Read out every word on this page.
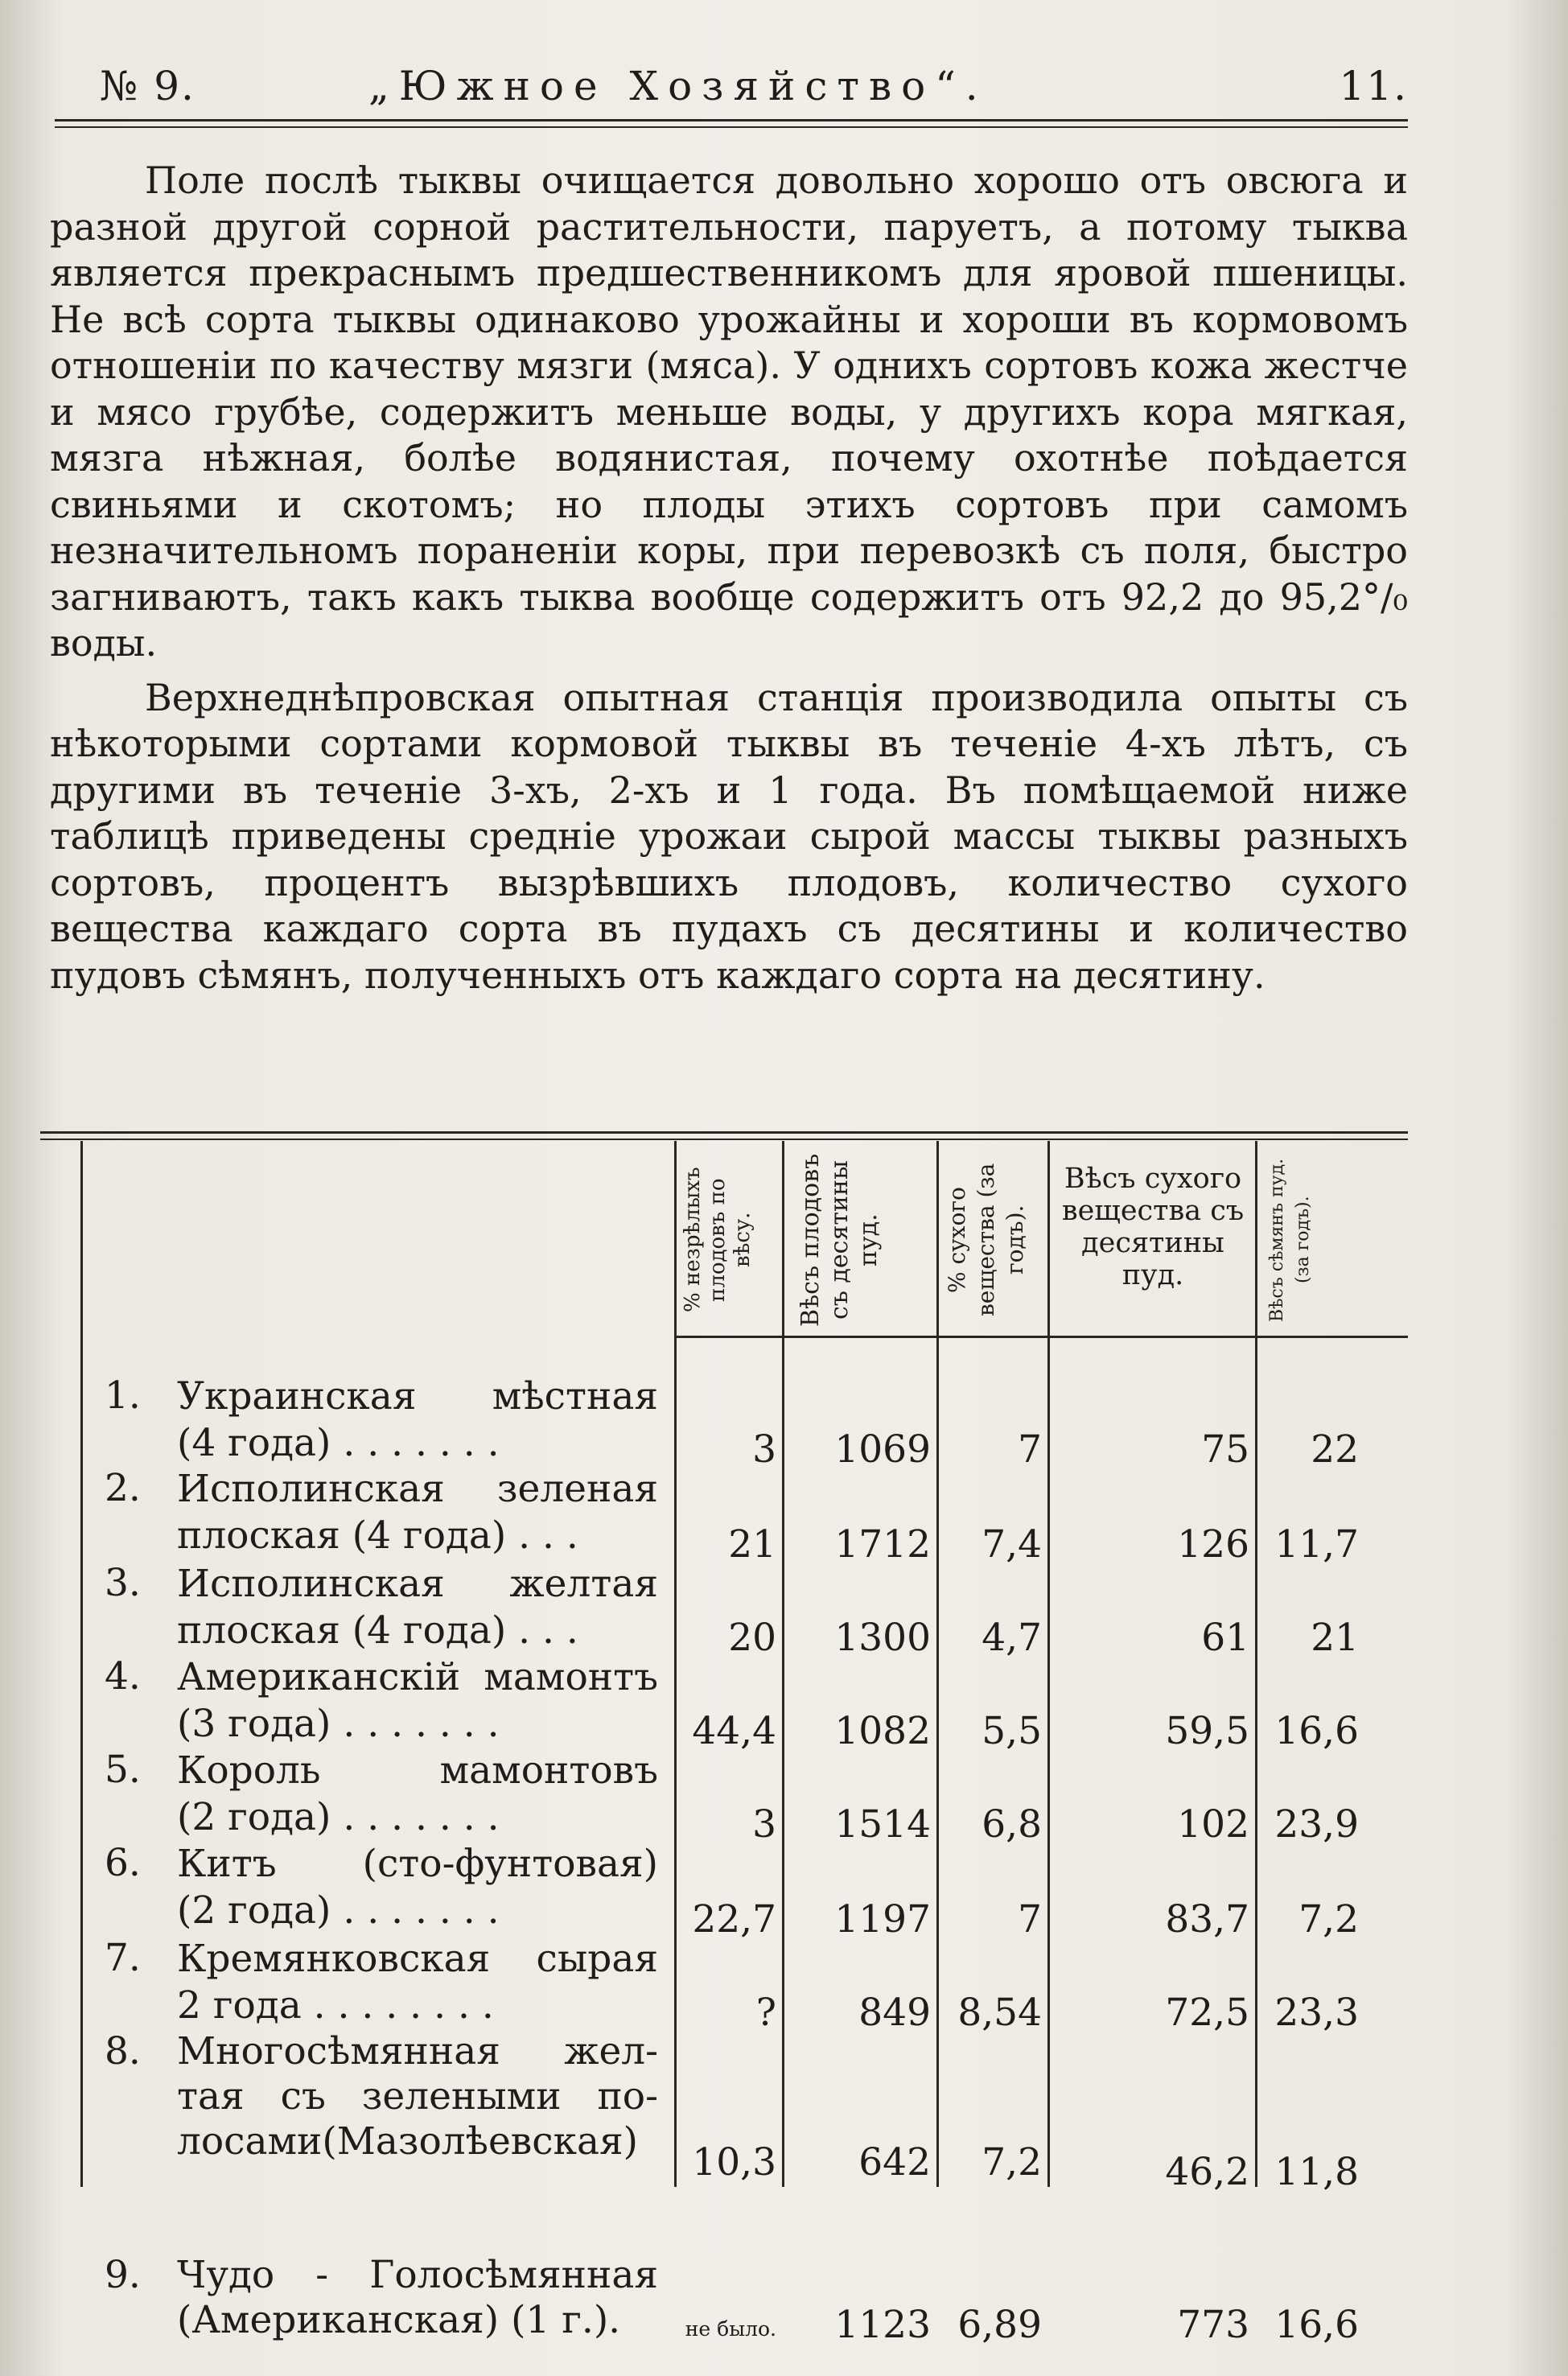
№ 9.	„Южное Хозяйство“.	11.

Поле послѣ тыквы очищается довольно хорошо отъ овсюга и разной другой сорной растительности, паруетъ, а потому тыква является прекраснымъ предшественникомъ для яровой пшеницы. Не всѣ сорта тыквы одинаково урожайны и хороши въ кормовомъ отношеніи по качеству мязги (мяса). У однихъ сортовъ кожа жестче и мясо грубѣе, содержитъ меньше воды, у другихъ кора мягкая, мязга нѣжная, болѣе водянистая, почему охотнѣе поѣдается свиньями и скотомъ; но плоды этихъ сортовъ при самомъ незначительномъ пораненіи коры, при перевозкѣ съ поля, быстро загниваютъ, такъ какъ тыква вообще содержитъ отъ 92,2 до 95,2°/₀ воды.

Верхнеднѣпровская опытная станція производила опыты съ нѣкоторыми сортами кормовой тыквы въ теченіе 4-хъ лѣтъ, съ другими въ теченіе 3-хъ, 2-хъ и 1 года. Въ помѣщаемой ниже таблицѣ приведены средніе урожаи сырой массы тыквы разныхъ сортовъ, процентъ вызрѣвшихъ плодовъ, количество сухого вещества каждаго сорта въ пудахъ съ десятины и количество пудовъ сѣмянъ, полученныхъ отъ каждаго сорта на десятину.

% незрѣлыхъ плодовъ по вѣсу.	Вѣсъ плодовъ съ десятины пуд.	% сухого вещества (за годъ).
Вѣсъ сухого вещества съ десятины пуд.	Вѣсъ сѣмянъ пуд. (за годъ).
1. Украинская мѣстная
(4 года) . . . . . . .	3 1069 7	75 22
2. Исполинская зеленая
плоская (4 года) . . .	21 1712 7,4	126 11,7
3. Исполинская желтая
плоская (4 года) . . .	20 1300 4,7	61 21
4. Американскій мамонтъ
(3 года) . . . . . . .	44,4 1082 5,5	59,5 16,6
5. Король мамонтовъ
(2 года) . . . . . . .	3 1514 6,8	102 23,9
6. Китъ (сто-фунтовая)
(2 года) . . . . . . .	22,7 1197 7	83,7 7,2
7. Кремянковская сырая
2 года . . . . . . . .	? 849 8,54	72,5 23,3
8. Многосѣмянная жел-
тая съ зелеными по-
лосами(Мазолѣевская)	10,3 642 7,2	46,2 11,8
9. Чудо - Голосѣмянная
(Американская) (1 г.).	не было. 1123 6,89	773 16,6
